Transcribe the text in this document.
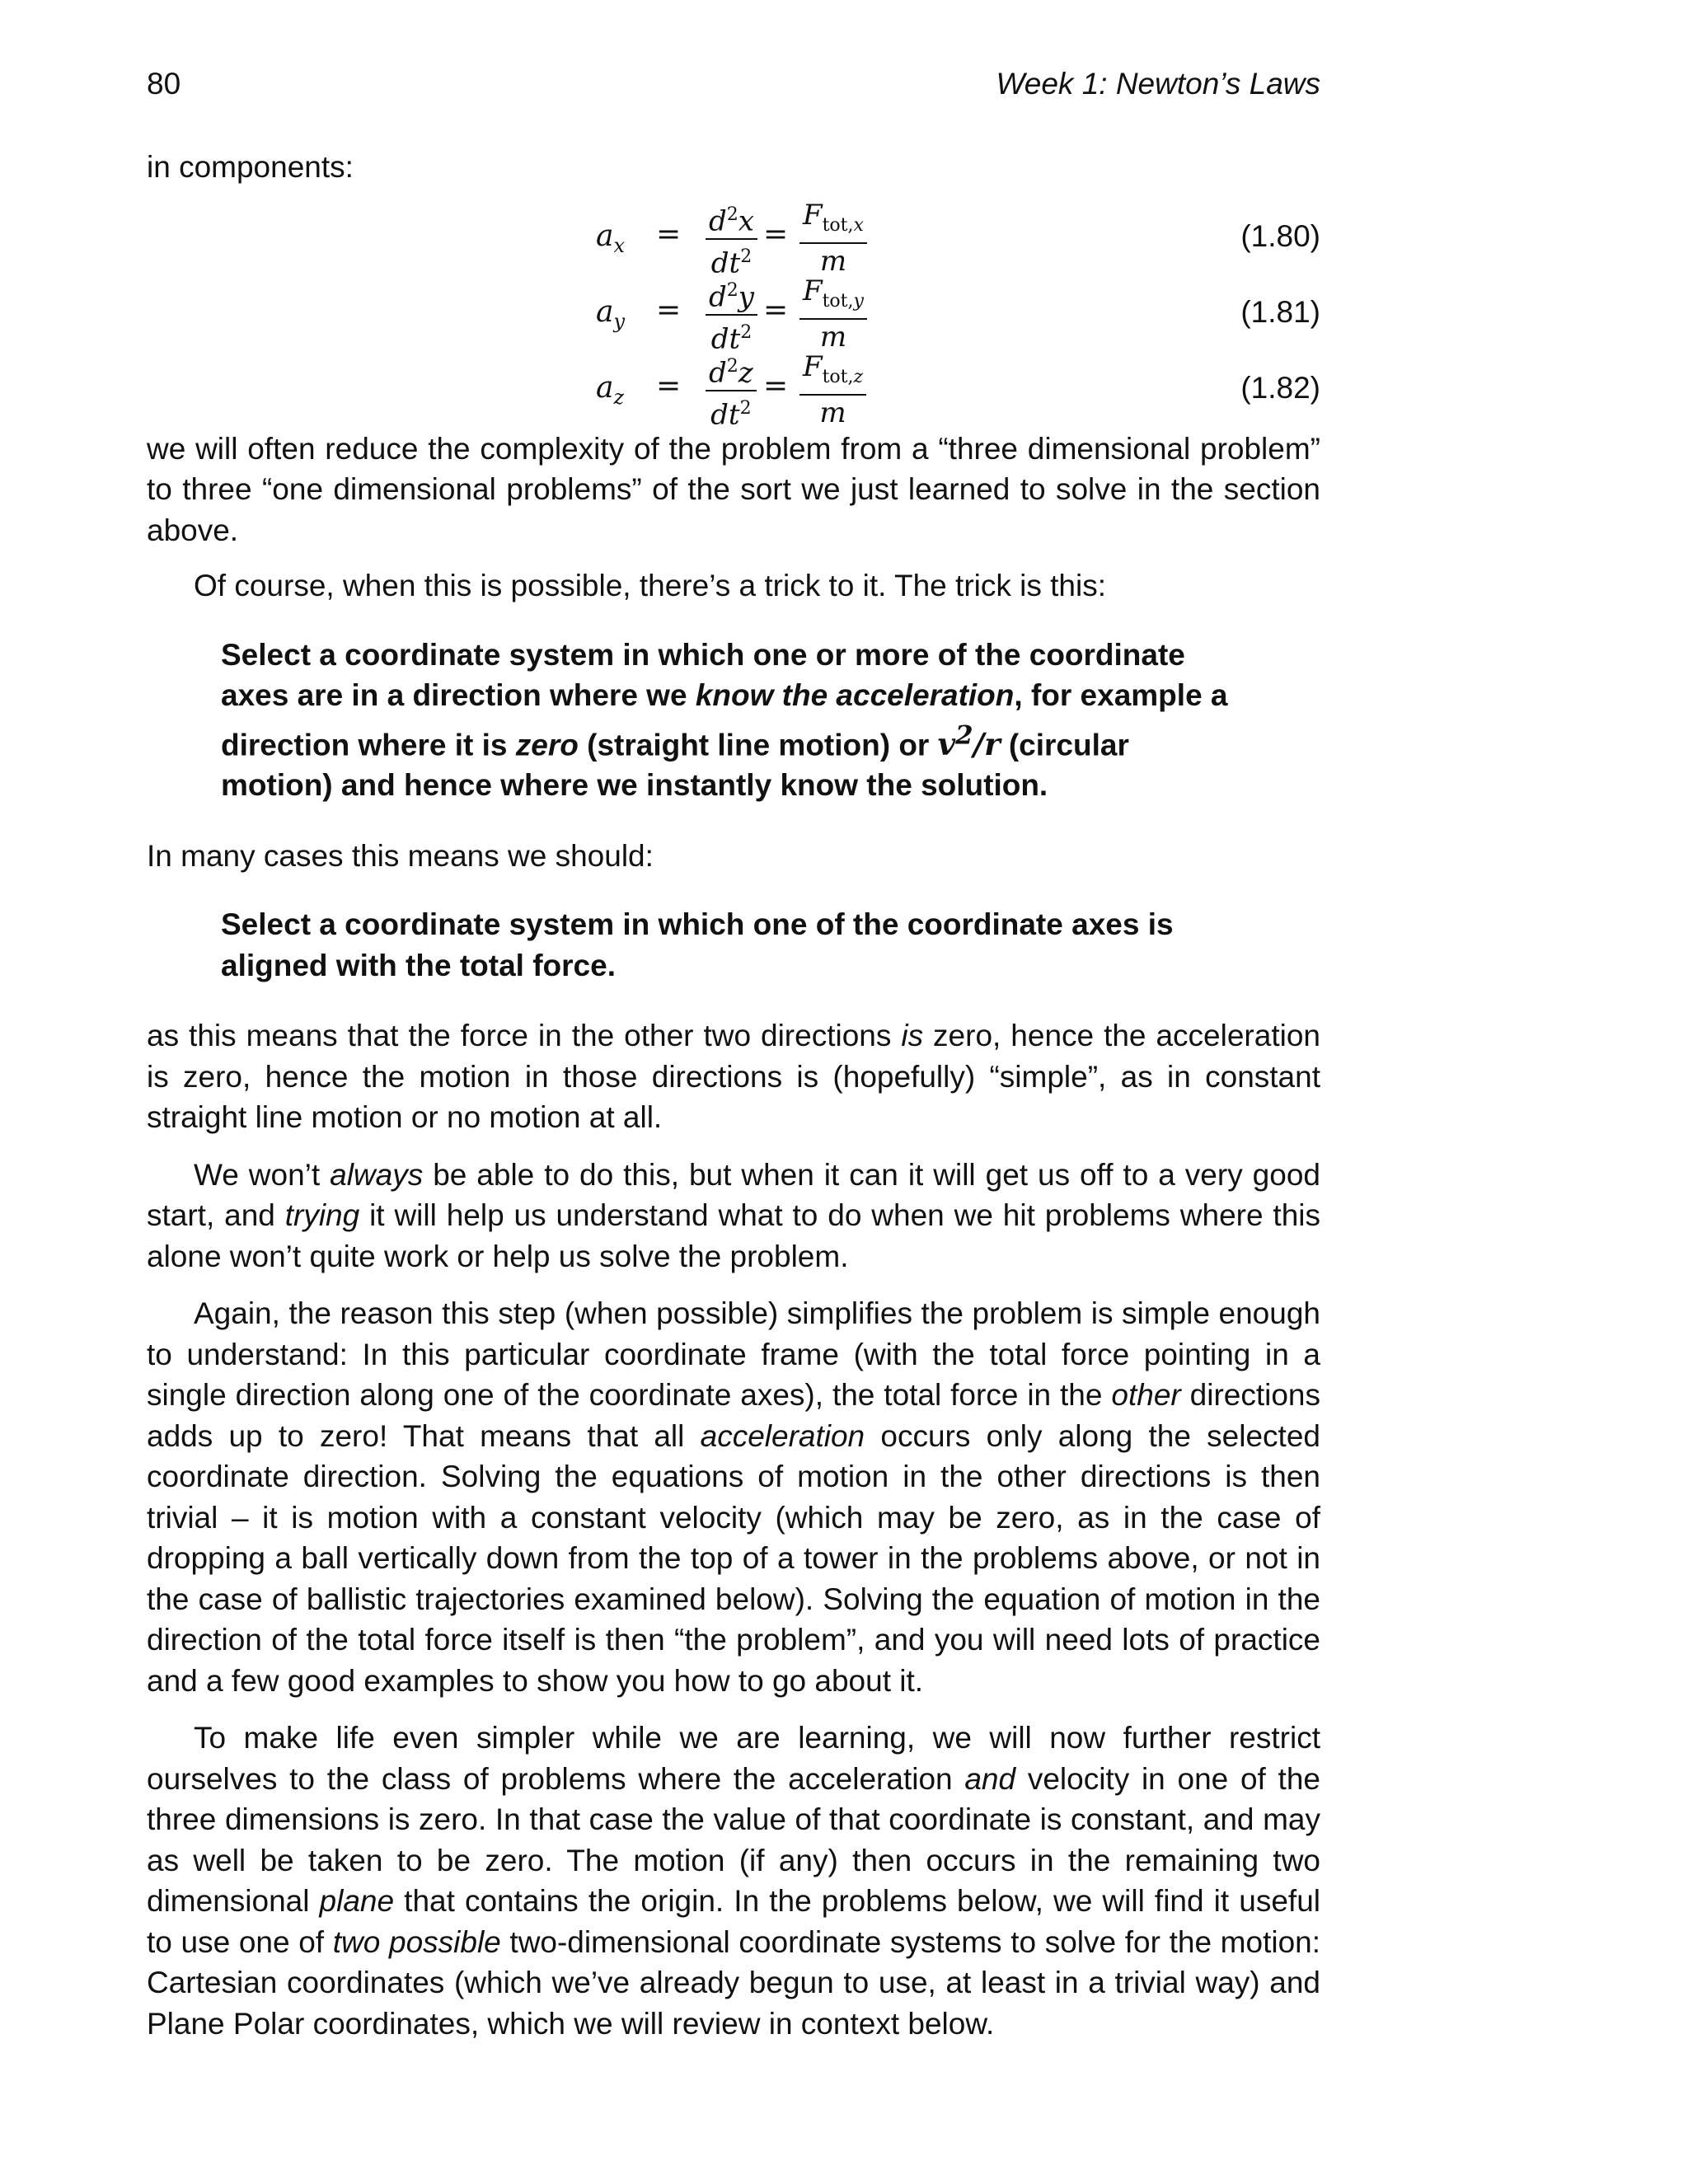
80	Week 1: Newton’s Laws

in components:

$a_x = d^2x$
$dt^2$
=
$F_{tot,x}$
m
(1.80)
$a_y = d^2y$
$dt^2$
=
$F_{tot,y}$
m
(1.81)
$a_z = d^2z$
$dt^2$
=
$F_{tot,z}$
m
(1.82)

we will often reduce the complexity of the problem from a “three dimensional problem” to three “one dimensional problems” of the sort we just learned to solve in the section above.

Of course, when this is possible, there’s a trick to it. The trick is this:

Select a coordinate system in which one or more of the coordinate axes are in a direction where we know the acceleration, for example a direction where it is zero (straight line motion) or $v^2/r$ (circular motion) and hence where we instantly know the solution.

In many cases this means we should:

Select a coordinate system in which one of the coordinate axes is aligned with the total force.

as this means that the force in the other two directions is zero, hence the acceleration is zero, hence the motion in those directions is (hopefully) “simple”, as in constant straight line motion or no motion at all.

We won’t always be able to do this, but when it can it will get us off to a very good start, and trying it will help us understand what to do when we hit problems where this alone won’t quite work or help us solve the problem.

Again, the reason this step (when possible) simplifies the problem is simple enough to understand: In this particular coordinate frame (with the total force pointing in a single direction along one of the coordinate axes), the total force in the other directions adds up to zero! That means that all acceleration occurs only along the selected coordinate direction. Solving the equations of motion in the other directions is then trivial – it is motion with a constant velocity (which may be zero, as in the case of dropping a ball vertically down from the top of a tower in the problems above, or not in the case of ballistic trajectories examined below). Solving the equation of motion in the direction of the total force itself is then “the problem”, and you will need lots of practice and a few good examples to show you how to go about it.

To make life even simpler while we are learning, we will now further restrict ourselves to the class of problems where the acceleration and velocity in one of the three dimensions is zero. In that case the value of that coordinate is constant, and may as well be taken to be zero. The motion (if any) then occurs in the remaining two dimensional plane that contains the origin. In the problems below, we will find it useful to use one of two possible two-dimensional coordinate systems to solve for the motion: Cartesian coordinates (which we’ve already begun to use, at least in a trivial way) and Plane Polar coordinates, which we will review in context below.
